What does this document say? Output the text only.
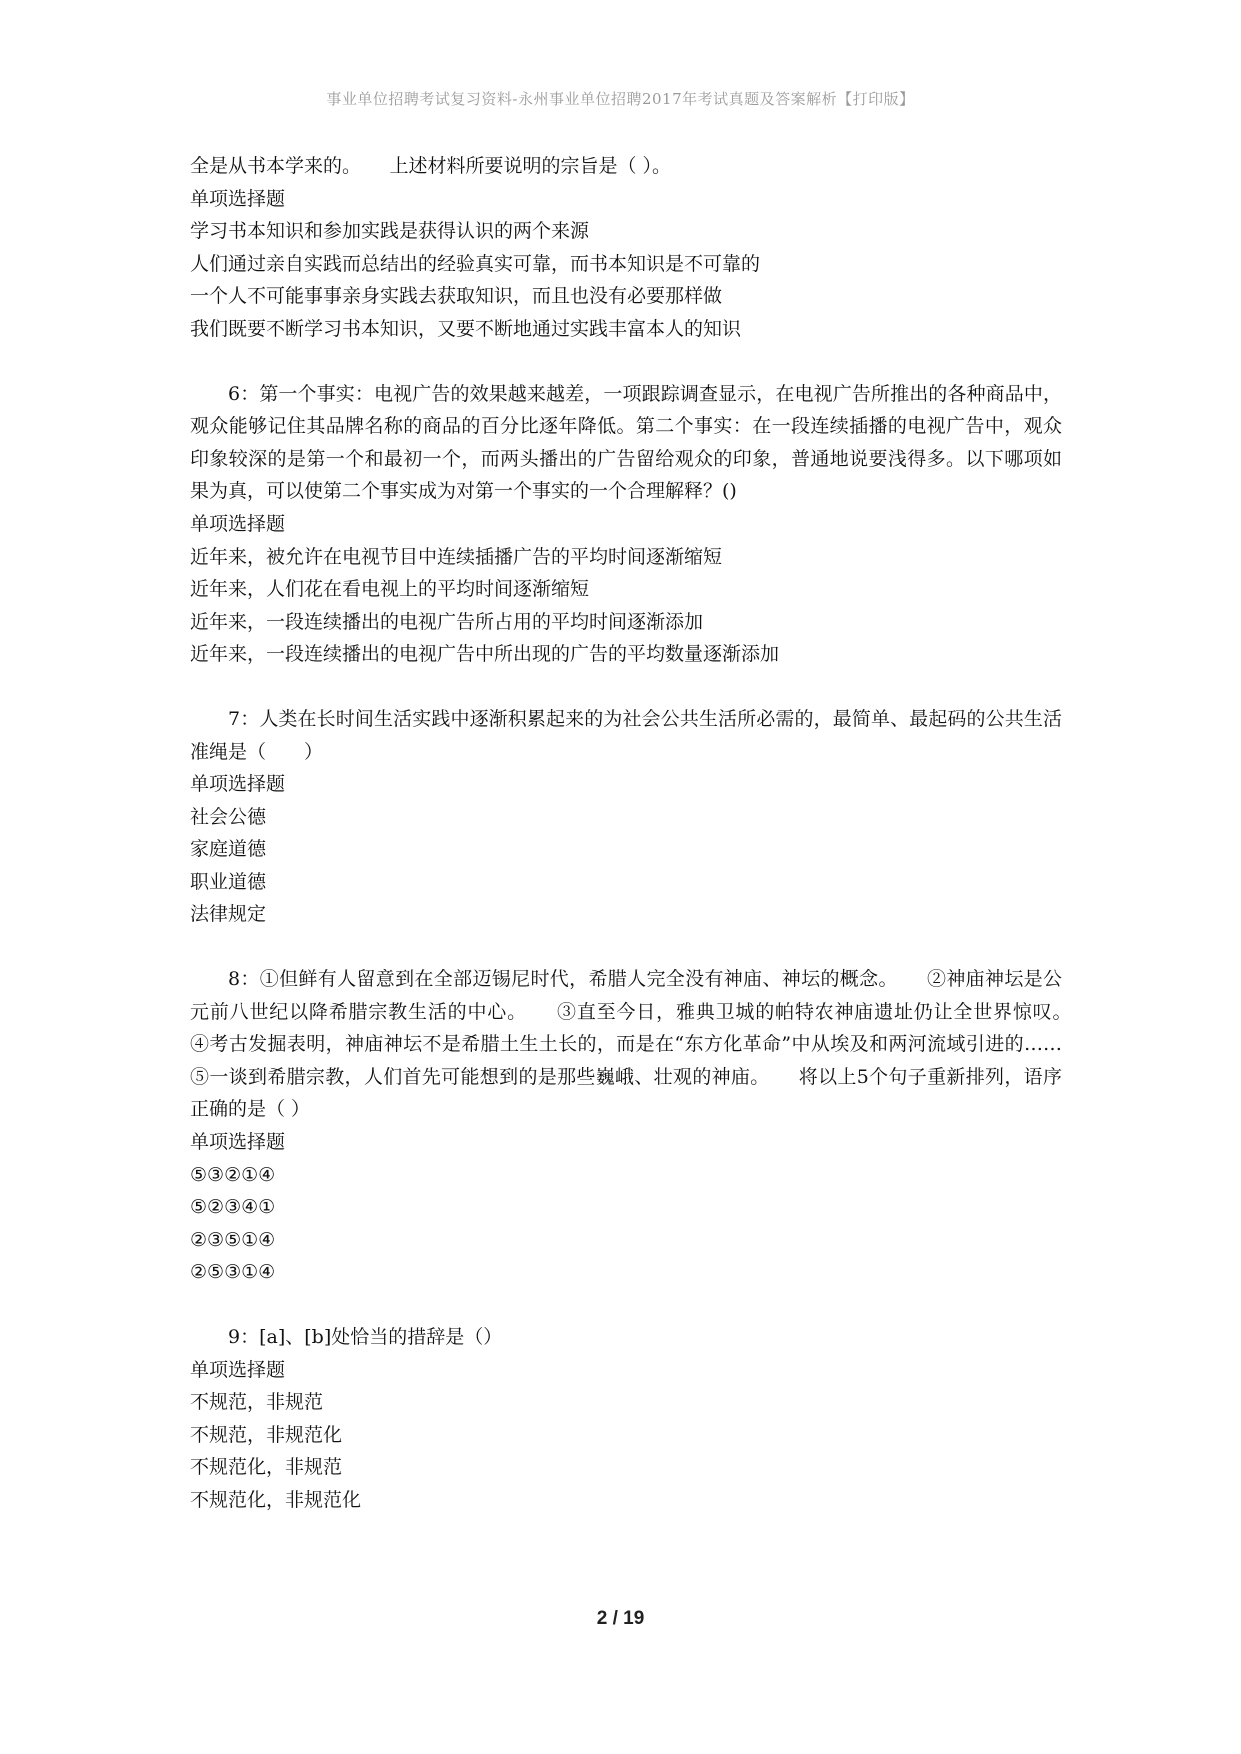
事业单位招聘考试复习资料-永州事业单位招聘2017年考试真题及答案解析【打印版】
全是从书本学来的。　　上述材料所要说明的宗旨是（ ）。
单项选择题
学习书本知识和参加实践是获得认识的两个来源
人们通过亲自实践而总结出的经验真实可靠，而书本知识是不可靠的
一个人不可能事事亲身实践去获取知识，而且也没有必要那样做
我们既要不断学习书本知识，又要不断地通过实践丰富本人的知识
6：第一个事实：电视广告的效果越来越差，一项跟踪调查显示，在电视广告所推出的各种商品中，观众能够记住其品牌名称的商品的百分比逐年降低。第二个事实：在一段连续插播的电视广告中，观众印象较深的是第一个和最初一个，而两头播出的广告留给观众的印象，普通地说要浅得多。以下哪项如果为真，可以使第二个事实成为对第一个事实的一个合理解释？()
单项选择题
近年来，被允许在电视节目中连续插播广告的平均时间逐渐缩短
近年来，人们花在看电视上的平均时间逐渐缩短
近年来，一段连续播出的电视广告所占用的平均时间逐渐添加
近年来，一段连续播出的电视广告中所出现的广告的平均数量逐渐添加
7：人类在长时间生活实践中逐渐积累起来的为社会公共生活所必需的，最简单、最起码的公共生活准绳是（　　）
单项选择题
社会公德
家庭道德
职业道德
法律规定
8：①但鲜有人留意到在全部迈锡尼时代，希腊人完全没有神庙、神坛的概念。　　②神庙神坛是公元前八世纪以降希腊宗教生活的中心。　　③直至今日，雅典卫城的帕特农神庙遗址仍让全世界惊叹。　　④考古发掘表明，神庙神坛不是希腊土生土长的，而是在“东方化革命”中从埃及和两河流域引进的……　　⑤一谈到希腊宗教，人们首先可能想到的是那些巍峨、壮观的神庙。　　将以上5个句子重新排列，语序正确的是（ ）
单项选择题
⑤③②①④
⑤②③④①
②③⑤①④
②⑤③①④
9：[a]、[b]处恰当的措辞是（）
单项选择题
不规范，非规范
不规范，非规范化
不规范化，非规范
不规范化，非规范化
2 / 19
